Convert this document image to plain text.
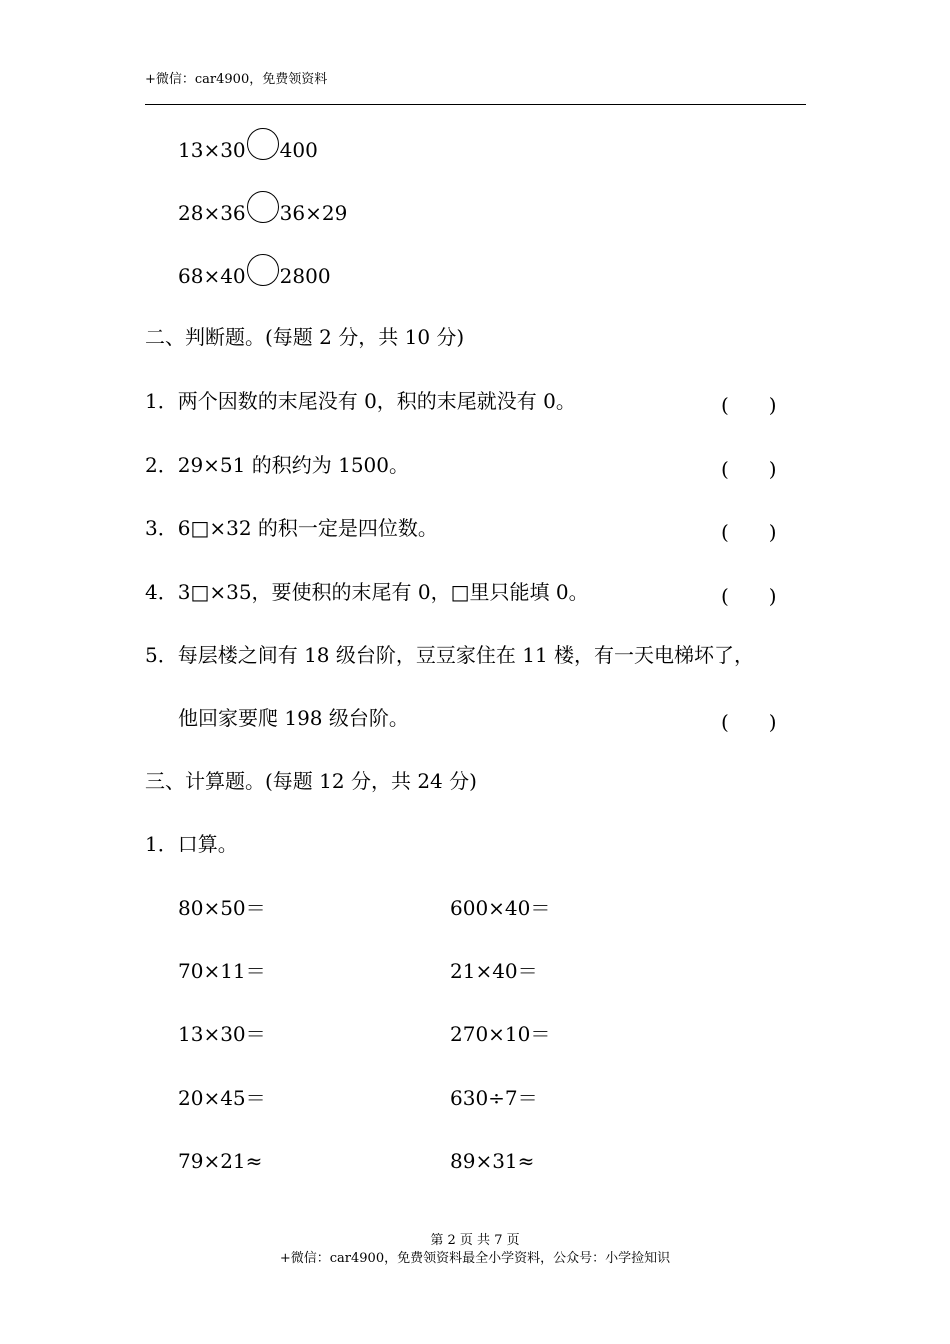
+微信：car4900，免费领资料
13×30 400
28×36 36×29
68×40 2800
二、判断题。(每题 2 分，共 10 分)
1．两个因数的末尾没有 0，积的末尾就没有 0。	(　　)
2．29×51 的积约为 1500。	(　　)
3．6□×32 的积一定是四位数。	(　　)
4．3□×35，要使积的末尾有 0，□里只能填 0。	(　　)
5．每层楼之间有 18 级台阶，豆豆家住在 11 楼，有一天电梯坏了，
他回家要爬 198 级台阶。	(　　)
三、计算题。(每题 12 分，共 24 分)
1．口算。
80×50＝	600×40＝
70×11＝	21×40＝
13×30＝	270×10＝
20×45＝	630÷7＝
79×21≈	89×31≈
第 2 页 共 7 页
+微信：car4900，免费领资料最全小学资料，公众号：小学捡知识
